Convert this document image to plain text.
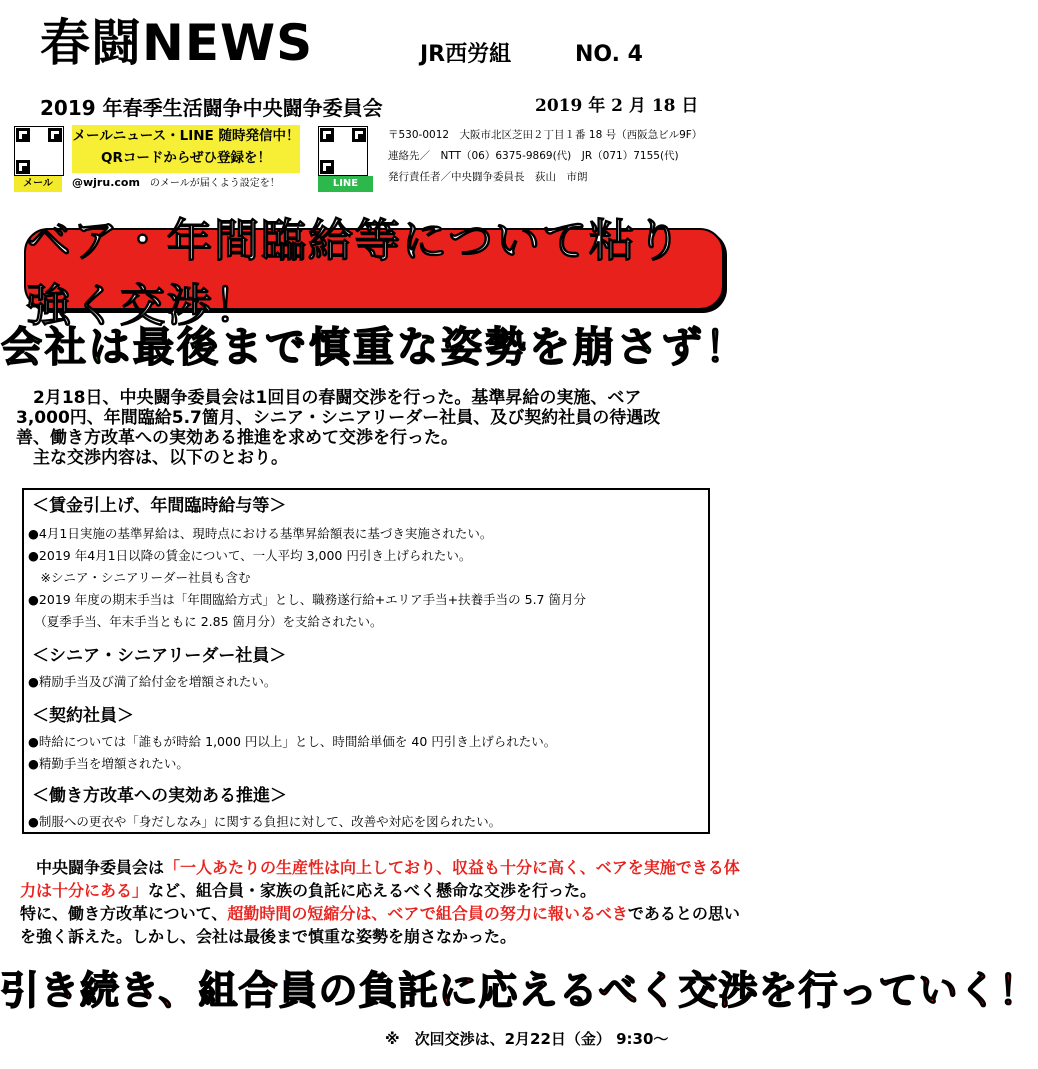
春闘NEWS	JR西労組	NO. 4
2019 年春季生活闘争中央闘争委員会	2019 年 2 月 18 日
メール
メールニュース・LINE 随時発信中！
QRコードからぜひ登録を！
@wjru.com　 のメールが届くよう設定を！	LINE
〒530-0012　大阪市北区芝田２丁目１番 18 号（西阪急ビル9F）
連絡先／　NTT（06）6375-9869(代)　JR（071）7155(代)
発行責任者／中央闘争委員長　荻山　市朗
ベア・年間臨給等について粘り強く交渉！
会社は最後まで慎重な姿勢を崩さず！
　2月18日、中央闘争委員会は1回目の春闘交渉を行った。基準昇給の実施、ベア
3,000円、年間臨給5.7箇月、シニア・シニアリーダー社員、及び契約社員の待遇改
善、働き方改革への実効ある推進を求めて交渉を行った。
　主な交渉内容は、以下のとおり。
＜賃金引上げ、年間臨時給与等＞
●4月1日実施の基準昇給は、現時点における基準昇給額表に基づき実施されたい。
●2019 年4月1日以降の賃金について、一人平均 3,000 円引き上げられたい。
　※シニア・シニアリーダー社員も含む
●2019 年度の期末手当は「年間臨給方式」とし、職務遂行給+エリア手当+扶養手当の 5.7 箇月分
　（夏季手当、年末手当ともに 2.85 箇月分）を支給されたい。
＜シニア・シニアリーダー社員＞
●精励手当及び満了給付金を増額されたい。
＜契約社員＞
●時給については「誰もが時給 1,000 円以上」とし、時間給単価を 40 円引き上げられたい。
●精勤手当を増額されたい。
＜働き方改革への実効ある推進＞
●制服への更衣や「身だしなみ」に関する負担に対して、改善や対応を図られたい。
　中央闘争委員会は「一人あたりの生産性は向上しており、収益も十分に高く、ベアを実施できる体力は十分にある」など、組合員・家族の負託に応えるべく懸命な交渉を行った。
特に、働き方改革について、超勤時間の短縮分は、ベアで組合員の努力に報いるべきであるとの思いを強く訴えた。しかし、会社は最後まで慎重な姿勢を崩さなかった。
引き続き、組合員の負託に応えるべく交渉を行っていく！
※　次回交渉は、2月22日（金） 9:30～
